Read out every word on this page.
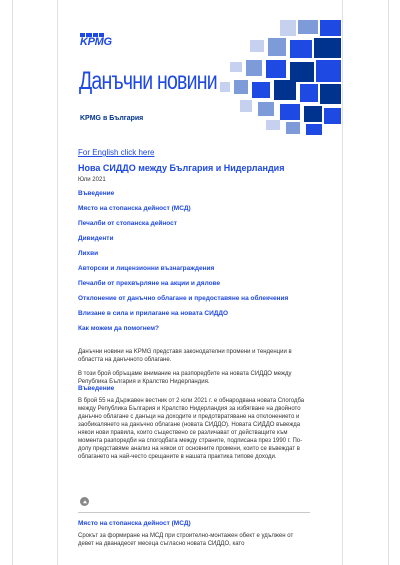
KPMG
Данъчни новини
KPMG в България
For English click here
Нова СИДДО между България и Нидерландия
Юли 2021
Въведение
Място на стопанска дейност (МСД)
Печалби от стопанска дейност
Дивиденти
Лихви
Авторски и лицензионни възнаграждения
Печалби от прехвърляне на акции и дялове
Отклонение от данъчно облагане и предоставяне на облекчения
Влизане в сила и прилагане на новата СИДДО
Как можем да помогнем?

Данъчни новини на KPMG представя законодателни промени и тенденции в областта на данъчното облагане.

В този брой обръщаме внимание на разпоредбите на новата СИДДО между Република България и Кралство Нидерландия.

Въведение
В брой 55 на Държавен вестник от 2 юли 2021 г. е обнародвана новата Спогодба между Република България и Кралство Нидерландия за избягване на двойното данъчно облагане с данъци на доходите и предотвратяване на отклонението и заобикалянето на данъчно облагане (новата СИДДО). Новата СИДДО въвежда някои нови правила, които съществено се различават от действащите към момента разпоредби на спогодбата между страните, подписана през 1990 г. По-долу представяме анализ на някои от основните промени, които се въвеждат в облагането на най-често срещаните в нашата практика типове доходи.
Място на стопанска дейност (МСД)
Срокът за формиране на МСД при строително-монтажен обект е удължен от девет на дванадесет месеца съгласно новата СИДДО, като
